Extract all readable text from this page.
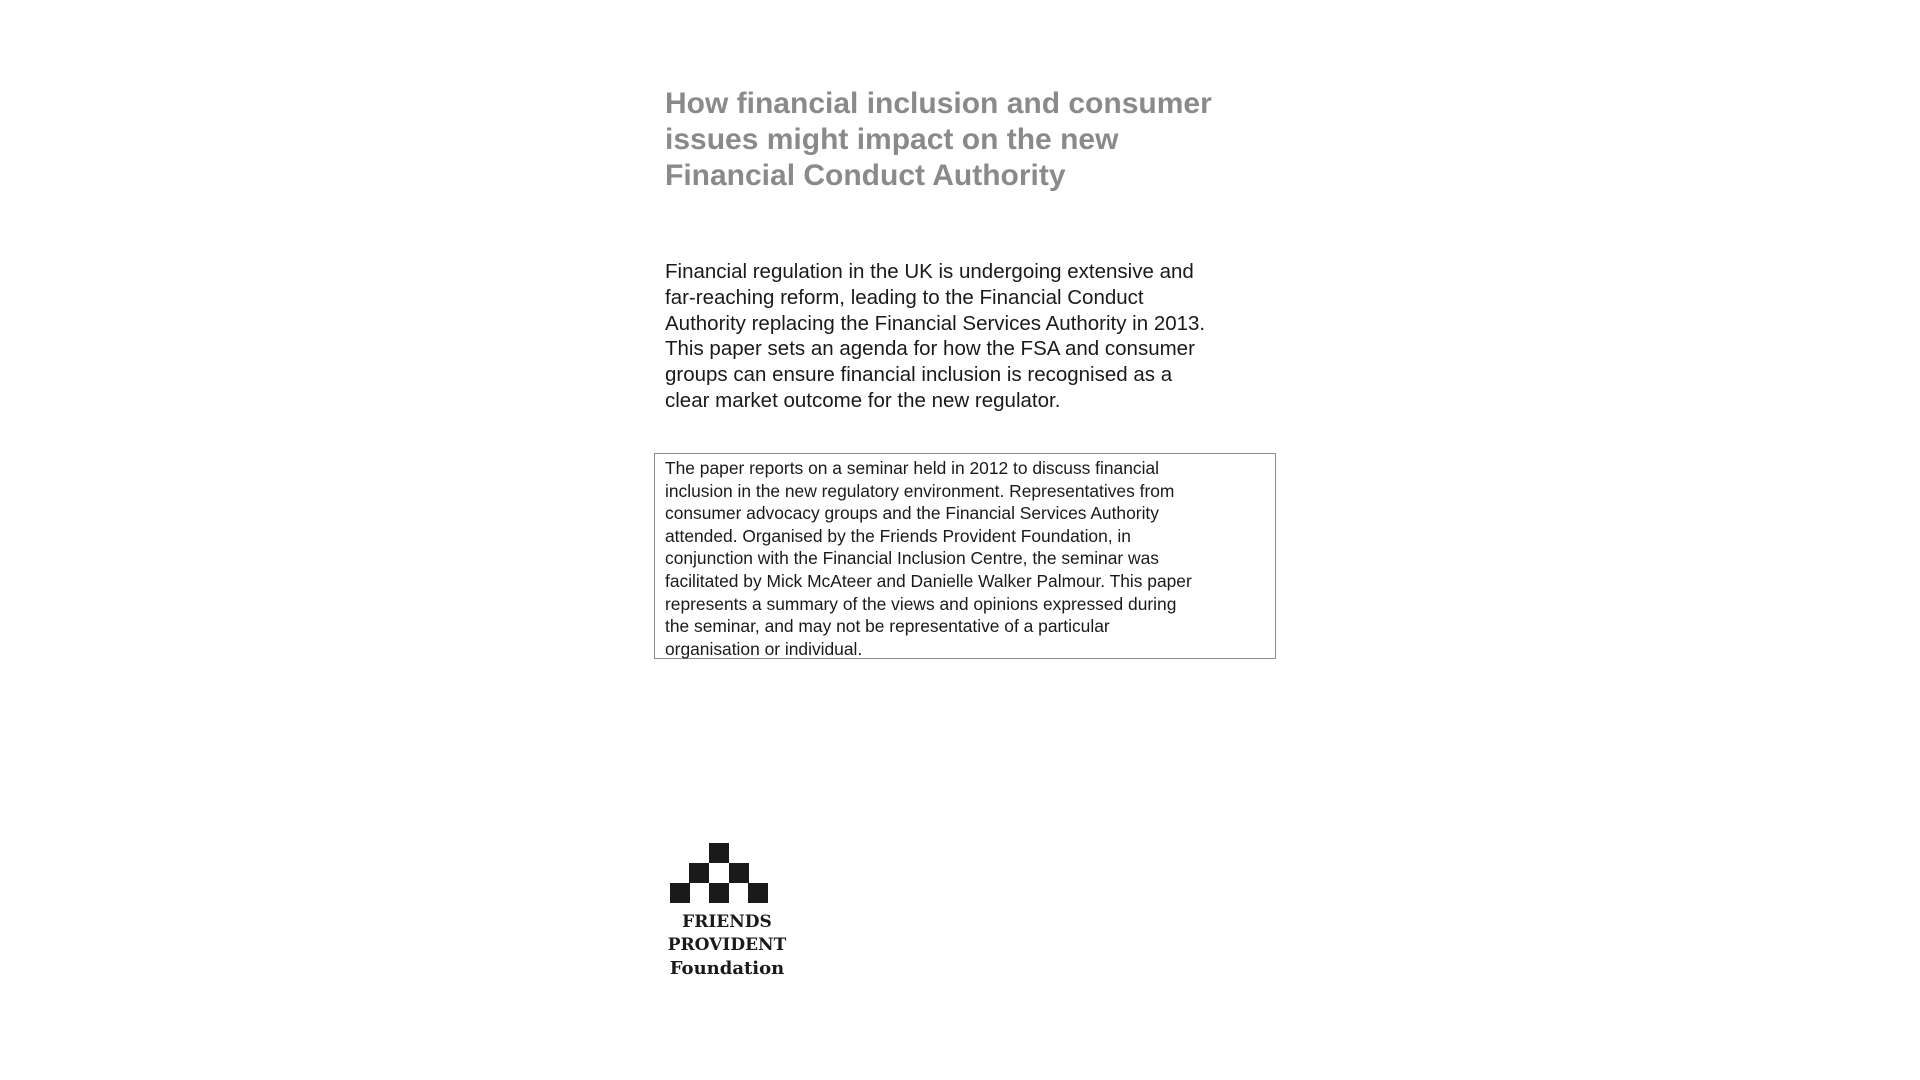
How financial inclusion and consumer
issues might impact on the new
Financial Conduct Authority

Financial regulation in the UK is undergoing extensive and
far-reaching reform, leading to the Financial Conduct
Authority replacing the Financial Services Authority in 2013.
This paper sets an agenda for how the FSA and consumer
groups can ensure financial inclusion is recognised as a
clear market outcome for the new regulator.

The paper reports on a seminar held in 2012 to discuss financial
inclusion in the new regulatory environment. Representatives from
consumer advocacy groups and the Financial Services Authority
attended. Organised by the Friends Provident Foundation, in
conjunction with the Financial Inclusion Centre, the seminar was
facilitated by Mick McAteer and Danielle Walker Palmour. This paper
represents a summary of the views and opinions expressed during
the seminar, and may not be representative of a particular
organisation or individual.
FRIENDS
PROVIDENT
Foundation
